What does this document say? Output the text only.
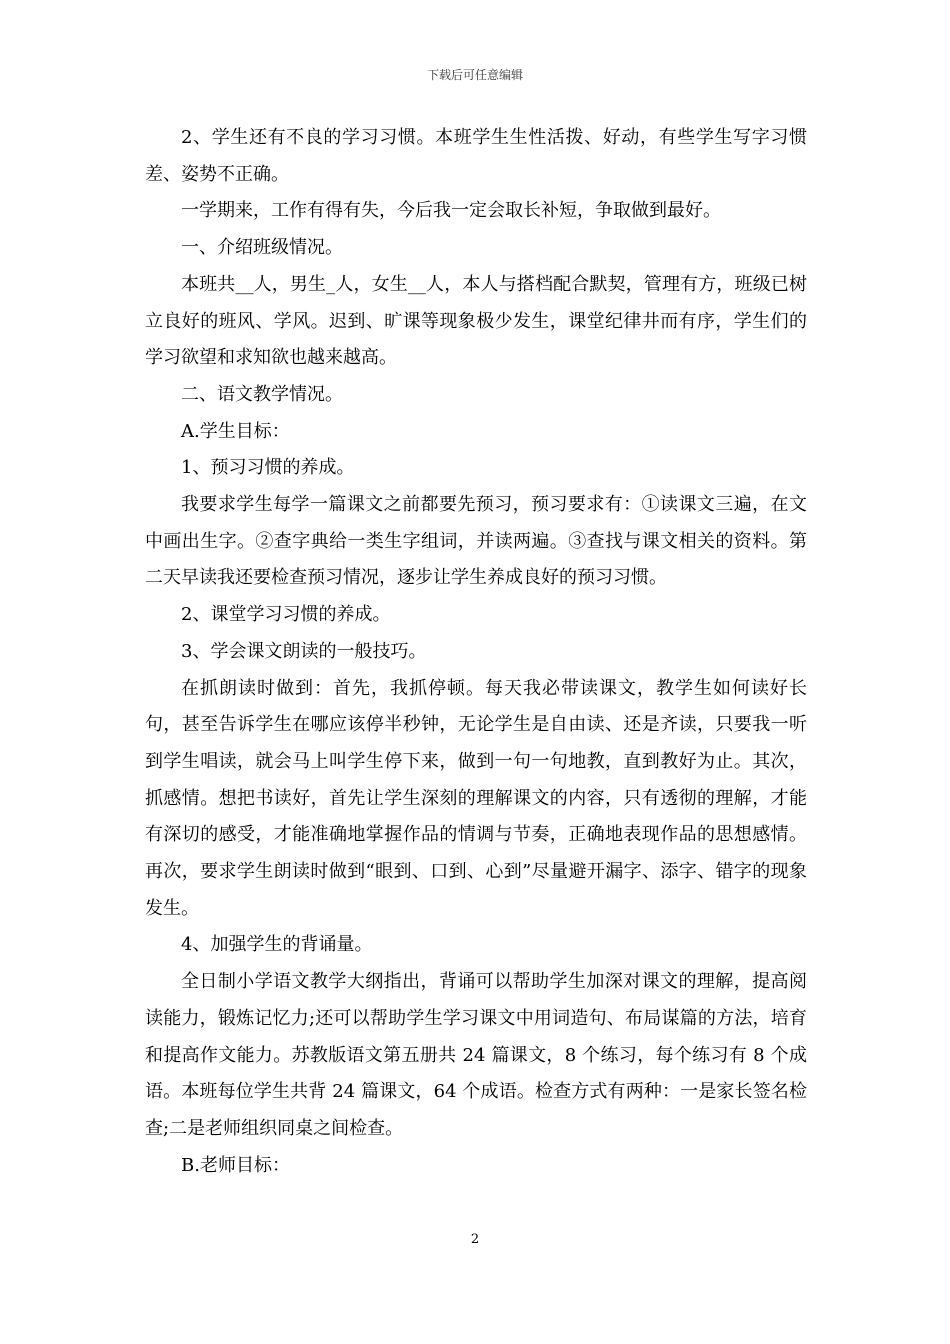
下载后可任意编辑

2、学生还有不良的学习习惯。本班学生生性活拨、好动，有些学生写字习惯差、姿势不正确。

一学期来，工作有得有失，今后我一定会取长补短，争取做到最好。

一、介绍班级情况。

本班共__人，男生_人，女生__人，本人与搭档配合默契，管理有方，班级已树立良好的班风、学风。迟到、旷课等现象极少发生，课堂纪律井而有序，学生们的学习欲望和求知欲也越来越高。

二、语文教学情况。

A.学生目标：

1、预习习惯的养成。

我要求学生每学一篇课文之前都要先预习，预习要求有：①读课文三遍，在文中画出生字。②查字典给一类生字组词，并读两遍。③查找与课文相关的资料。第二天早读我还要检查预习情况，逐步让学生养成良好的预习习惯。

2、课堂学习习惯的养成。

3、学会课文朗读的一般技巧。

在抓朗读时做到：首先，我抓停顿。每天我必带读课文，教学生如何读好长句，甚至告诉学生在哪应该停半秒钟，无论学生是自由读、还是齐读，只要我一听到学生唱读，就会马上叫学生停下来，做到一句一句地教，直到教好为止。其次，抓感情。想把书读好，首先让学生深刻的理解课文的内容，只有透彻的理解，才能有深切的感受，才能准确地掌握作品的情调与节奏，正确地表现作品的思想感情。再次，要求学生朗读时做到“眼到、口到、心到”尽量避开漏字、添字、错字的现象发生。

4、加强学生的背诵量。

全日制小学语文教学大纲指出，背诵可以帮助学生加深对课文的理解，提高阅读能力，锻炼记忆力;还可以帮助学生学习课文中用词造句、布局谋篇的方法，培育和提高作文能力。苏教版语文第五册共 24 篇课文，8 个练习，每个练习有 8 个成语。本班每位学生共背 24 篇课文，64 个成语。检查方式有两种：一是家长签名检查;二是老师组织同桌之间检查。

B.老师目标：

2
